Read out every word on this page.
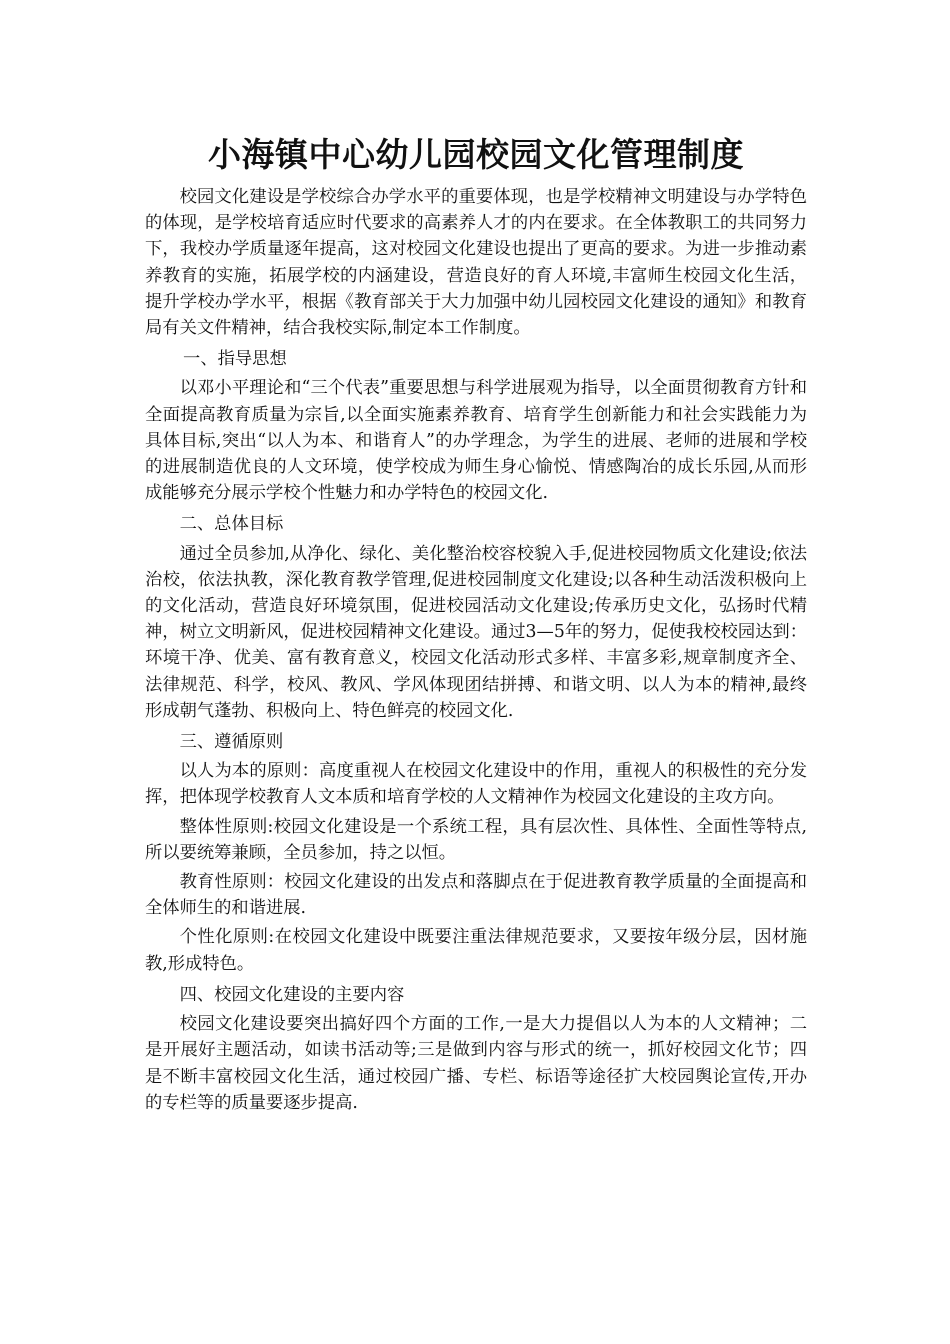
小海镇中心幼儿园校园文化管理制度

校园文化建设是学校综合办学水平的重要体现，也是学校精神文明建设与办学特色的体现，是学校培育适应时代要求的高素养人才的内在要求。在全体教职工的共同努力下，我校办学质量逐年提高，这对校园文化建设也提出了更高的要求。为进一步推动素养教育的实施，拓展学校的内涵建设，营造良好的育人环境,丰富师生校园文化生活，提升学校办学水平，根据《教育部关于大力加强中幼儿园校园文化建设的通知》和教育局有关文件精神，结合我校实际,制定本工作制度。

一、指导思想

以邓小平理论和“三个代表”重要思想与科学进展观为指导，以全面贯彻教育方针和全面提高教育质量为宗旨,以全面实施素养教育、培育学生创新能力和社会实践能力为具体目标,突出“以人为本、和谐育人”的办学理念，为学生的进展、老师的进展和学校的进展制造优良的人文环境，使学校成为师生身心愉悦、情感陶冶的成长乐园,从而形成能够充分展示学校个性魅力和办学特色的校园文化.

二、总体目标

通过全员参加,从净化、绿化、美化整治校容校貌入手,促进校园物质文化建设;依法治校，依法执教，深化教育教学管理,促进校园制度文化建设;以各种生动活泼积极向上的文化活动，营造良好环境氛围，促进校园活动文化建设;传承历史文化，弘扬时代精神，树立文明新风，促进校园精神文化建设。通过3—5年的努力，促使我校校园达到：环境干净、优美、富有教育意义，校园文化活动形式多样、丰富多彩,规章制度齐全、法律规范、科学，校风、教风、学风体现团结拼搏、和谐文明、以人为本的精神,最终形成朝气蓬勃、积极向上、特色鲜亮的校园文化.

三、遵循原则

以人为本的原则：高度重视人在校园文化建设中的作用，重视人的积极性的充分发挥，把体现学校教育人文本质和培育学校的人文精神作为校园文化建设的主攻方向。

整体性原则:校园文化建设是一个系统工程，具有层次性、具体性、全面性等特点,所以要统筹兼顾，全员参加，持之以恒。

教育性原则：校园文化建设的出发点和落脚点在于促进教育教学质量的全面提高和全体师生的和谐进展.

个性化原则:在校园文化建设中既要注重法律规范要求，又要按年级分层，因材施教,形成特色。

四、校园文化建设的主要内容

校园文化建设要突出搞好四个方面的工作,一是大力提倡以人为本的人文精神；二是开展好主题活动，如读书活动等;三是做到内容与形式的统一，抓好校园文化节；四是不断丰富校园文化生活，通过校园广播、专栏、标语等途径扩大校园舆论宣传,开办的专栏等的质量要逐步提高.
